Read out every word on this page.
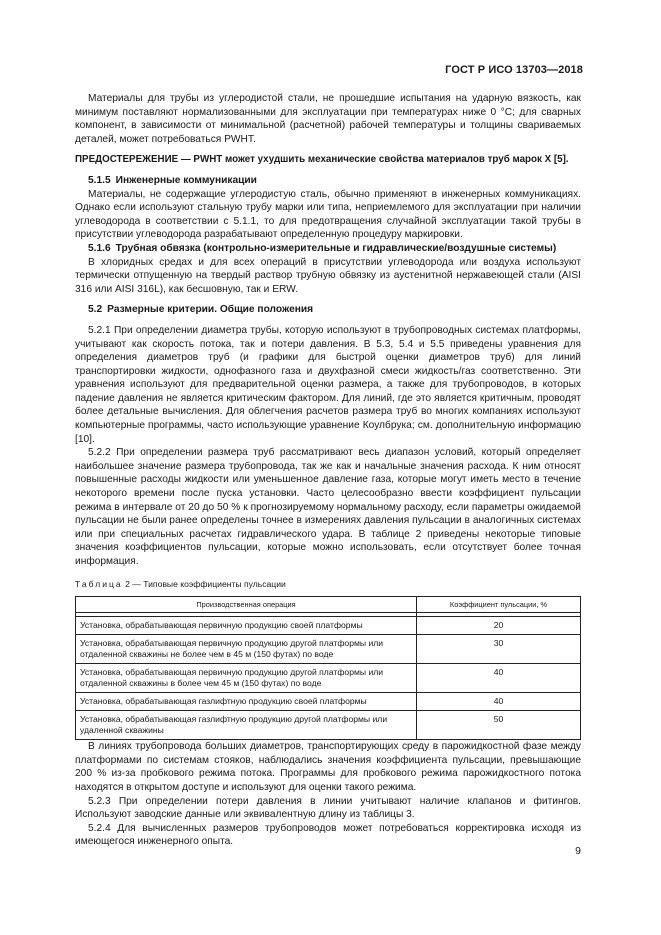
ГОСТ Р ИСО 13703—2018

Материалы для трубы из углеродистой стали, не прошедшие испытания на ударную вязкость, как минимум поставляют нормализованными для эксплуатации при температурах ниже 0 °С; для сварных компонент, в зависимости от минимальной (расчетной) рабочей температуры и толщины свариваемых деталей, может потребоваться PWHT.

ПРЕДОСТЕРЕЖЕНИЕ — PWHT может ухудшить механические свойства материалов труб марок Х [5].

5.1.5 Инженерные коммуникации

Материалы, не содержащие углеродистую сталь, обычно применяют в инженерных коммуникациях. Однако если используют стальную трубу марки или типа, неприемлемого для эксплуатации при наличии углеводорода в соответствии с 5.1.1, то для предотвращения случайной эксплуатации такой трубы в присутствии углеводорода разрабатывают определенную процедуру маркировки.

5.1.6 Трубная обвязка (контрольно-измерительные и гидравлические/воздушные системы)

В хлоридных средах и для всех операций в присутствии углеводорода или воздуха используют термически отпущенную на твердый раствор трубную обвязку из аустенитной нержавеющей стали (AISI 316 или AISI 316L), как бесшовную, так и ERW.

5.2 Размерные критерии. Общие положения

5.2.1 При определении диаметра трубы, которую используют в трубопроводных системах платформы, учитывают как скорость потока, так и потери давления. В 5.3, 5.4 и 5.5 приведены уравнения для определения диаметров труб (и графики для быстрой оценки диаметров труб) для линий транспортировки жидкости, однофазного газа и двухфазной смеси жидкость/газ соответственно. Эти уравнения используют для предварительной оценки размера, а также для трубопроводов, в которых падение давления не является критическим фактором. Для линий, где это является критичным, проводят более детальные вычисления. Для облегчения расчетов размера труб во многих компаниях используют компьютерные программы, часто использующие уравнение Коулбрука; см. дополнительную информацию [10].

5.2.2 При определении размера труб рассматривают весь диапазон условий, который определяет наибольшее значение размера трубопровода, так же как и начальные значения расхода. К ним относят повышенные расходы жидкости или уменьшенное давление газа, которые могут иметь место в течение некоторого времени после пуска установки. Часто целесообразно ввести коэффициент пульсации режима в интервале от 20 до 50 % к прогнозируемому нормальному расходу, если параметры ожидаемой пульсации не были ранее определены точнее в измерениях давления пульсации в аналогичных системах или при специальных расчетах гидравлического удара. В таблице 2 приведены некоторые типовые значения коэффициентов пульсации, которые можно использовать, если отсутствует более точная информация.

Таблица 2 — Типовые коэффициенты пульсации
Производственная операция	Коэффициент пульсации, %

Установка, обрабатывающая первичную продукцию своей платформы	20
Установка, обрабатывающая первичную продукцию другой платформы или отдаленной скважины не более чем в 45 м (150 футах) по воде	30
Установка, обрабатывающая первичную продукцию другой платформы или отдаленной скважины в более чем 45 м (150 футах) по воде	40
Установка, обрабатывающая газлифтную продукцию своей платформы	40
Установка, обрабатывающая газлифтную продукцию другой платформы или удаленной скважины	50

В линиях трубопровода больших диаметров, транспортирующих среду в парожидкостной фазе между платформами по системам стояков, наблюдались значения коэффициента пульсации, превышающие 200 % из-за пробкового режима потока. Программы для пробкового режима парожидкостного потока находятся в открытом доступе и используют для оценки такого режима.

5.2.3 При определении потери давления в линии учитывают наличие клапанов и фитингов. Используют заводские данные или эквивалентную длину из таблицы 3.

5.2.4 Для вычисленных размеров трубопроводов может потребоваться корректировка исходя из имеющегося инженерного опыта.

9
